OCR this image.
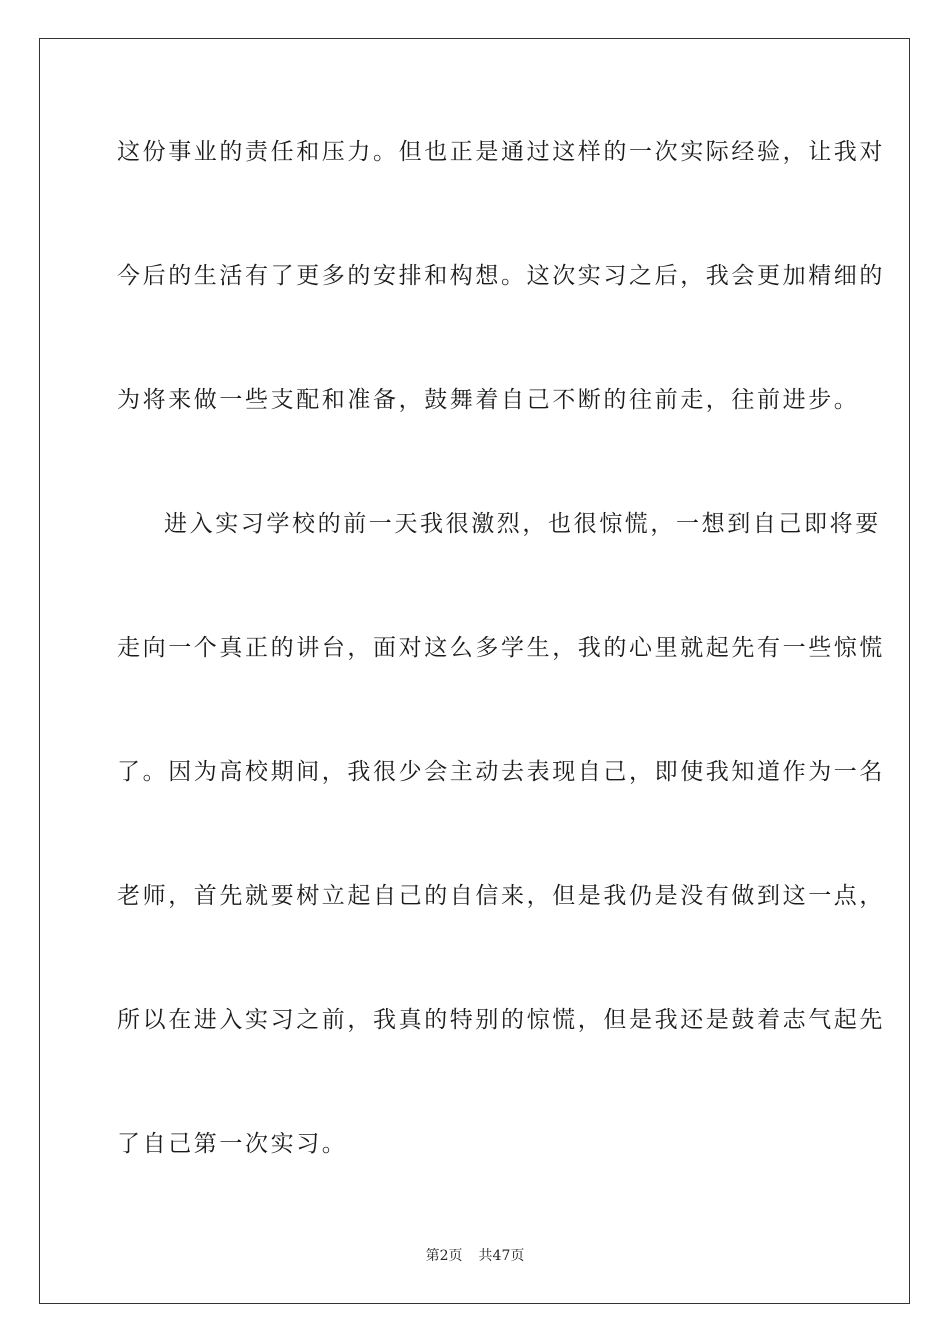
这份事业的责任和压力。但也正是通过这样的一次实际经验，让我对
今后的生活有了更多的安排和构想。这次实习之后，我会更加精细的
为将来做一些支配和准备，鼓舞着自己不断的往前走，往前进步。
进入实习学校的前一天我很激烈，也很惊慌，一想到自己即将要
走向一个真正的讲台，面对这么多学生，我的心里就起先有一些惊慌
了。因为高校期间，我很少会主动去表现自己，即使我知道作为一名
老师，首先就要树立起自己的自信来，但是我仍是没有做到这一点，
所以在进入实习之前，我真的特别的惊慌，但是我还是鼓着志气起先
了自己第一次实习。
第2页 共47页
